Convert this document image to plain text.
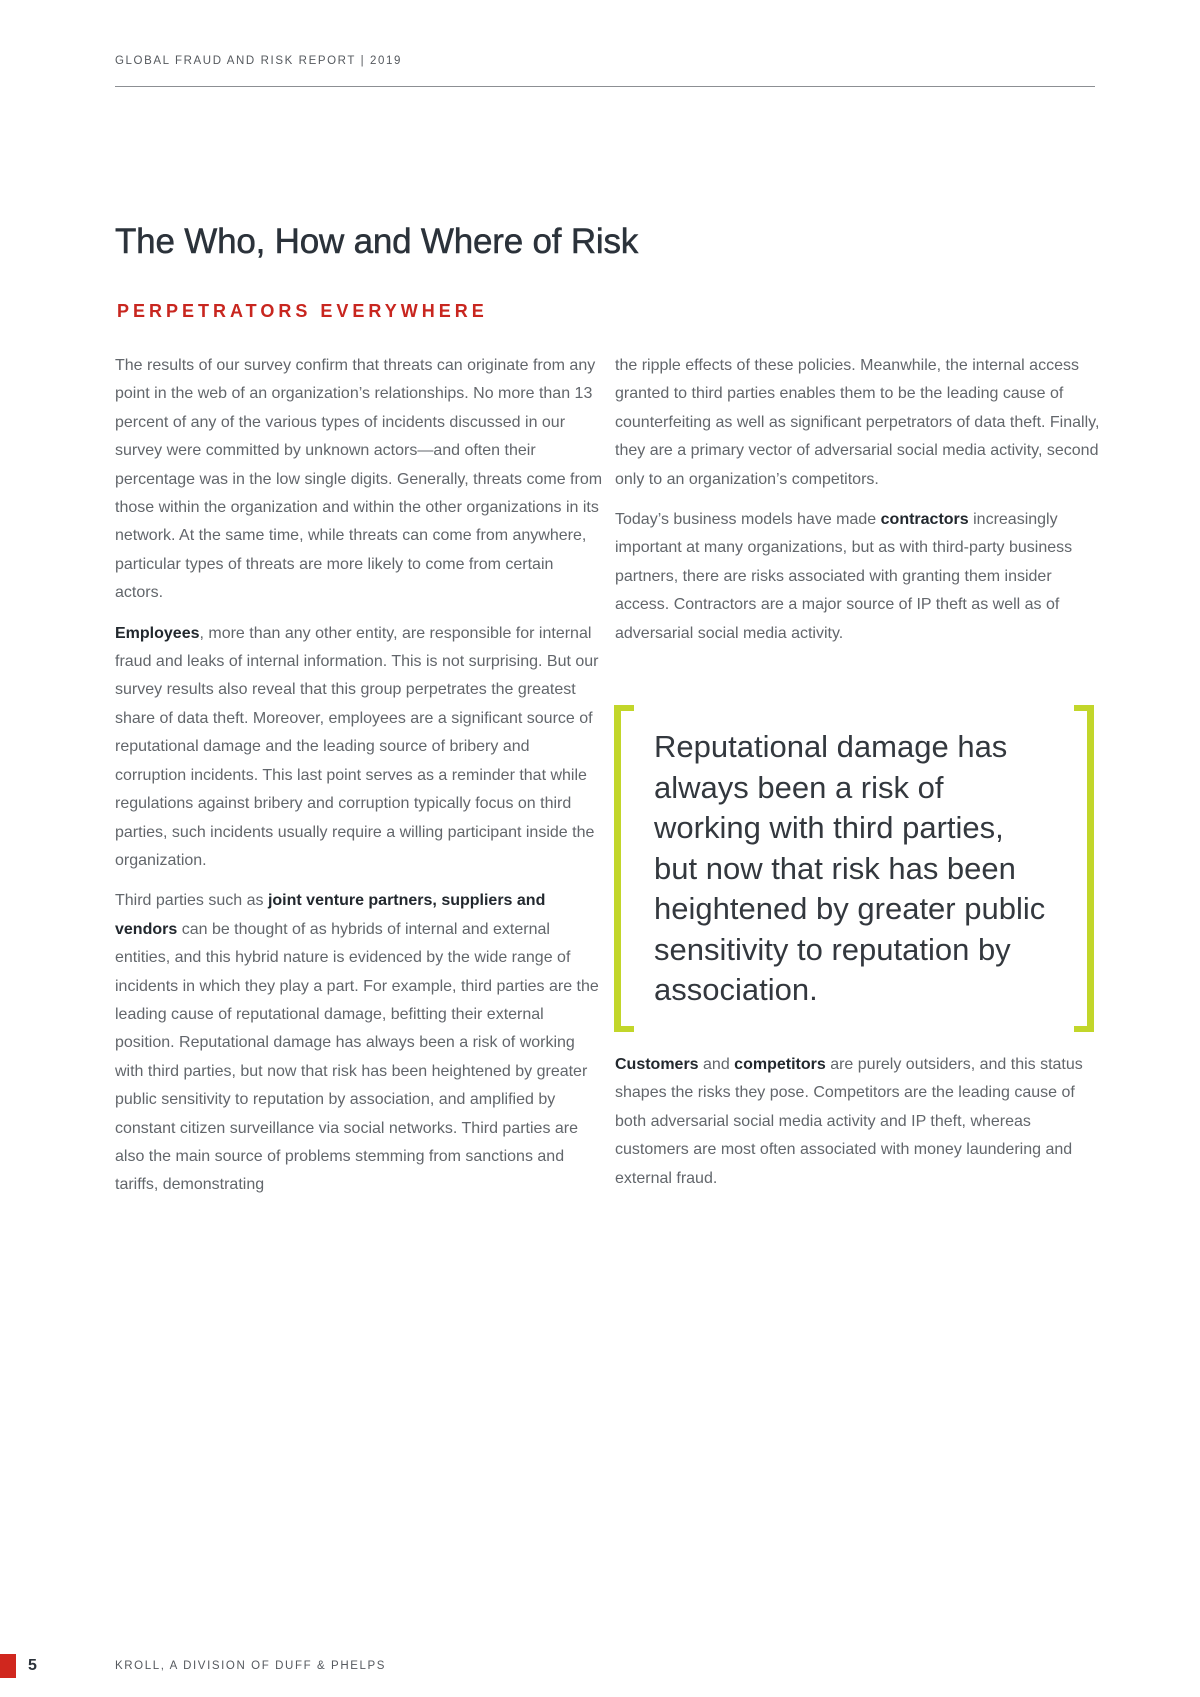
GLOBAL FRAUD AND RISK REPORT | 2019
The Who, How and Where of Risk
PERPETRATORS EVERYWHERE

The results of our survey confirm that threats can originate from any point in the web of an organization’s relationships. No more than 13 percent of any of the various types of incidents discussed in our survey were committed by unknown actors—and often their percentage was in the low single digits. Generally, threats come from those within the organization and within the other organizations in its network. At the same time, while threats can come from anywhere, particular types of threats are more likely to come from certain actors.

Employees, more than any other entity, are responsible for internal fraud and leaks of internal information. This is not surprising. But our survey results also reveal that this group perpetrates the greatest share of data theft. Moreover, employees are a significant source of reputational damage and the leading source of bribery and corruption incidents. This last point serves as a reminder that while regulations against bribery and corruption typically focus on third parties, such incidents usually require a willing participant inside the organization.

Third parties such as joint venture partners, suppliers and vendors can be thought of as hybrids of internal and external entities, and this hybrid nature is evidenced by the wide range of incidents in which they play a part. For example, third parties are the leading cause of reputational damage, befitting their external position. Reputational damage has always been a risk of working with third parties, but now that risk has been heightened by greater public sensitivity to reputation by association, and amplified by constant citizen surveillance via social networks. Third parties are also the main source of problems stemming from sanctions and tariffs, demonstrating

the ripple effects of these policies. Meanwhile, the internal access granted to third parties enables them to be the leading cause of counterfeiting as well as significant perpetrators of data theft. Finally, they are a primary vector of adversarial social media activity, second only to an organization’s competitors.

Today’s business models have made contractors increasingly important at many organizations, but as with third-party business partners, there are risks associated with granting them insider access. Contractors are a major source of IP theft as well as of adversarial social media activity.

Customers and competitors are purely outsiders, and this status shapes the risks they pose. Competitors are the leading cause of both adversarial social media activity and IP theft, whereas customers are most often associated with money laundering and external fraud.

Reputational damage has always been a risk of working with third parties, but now that risk has been heightened by greater public sensitivity to reputation by association.
5	KROLL, A DIVISION OF DUFF & PHELPS
